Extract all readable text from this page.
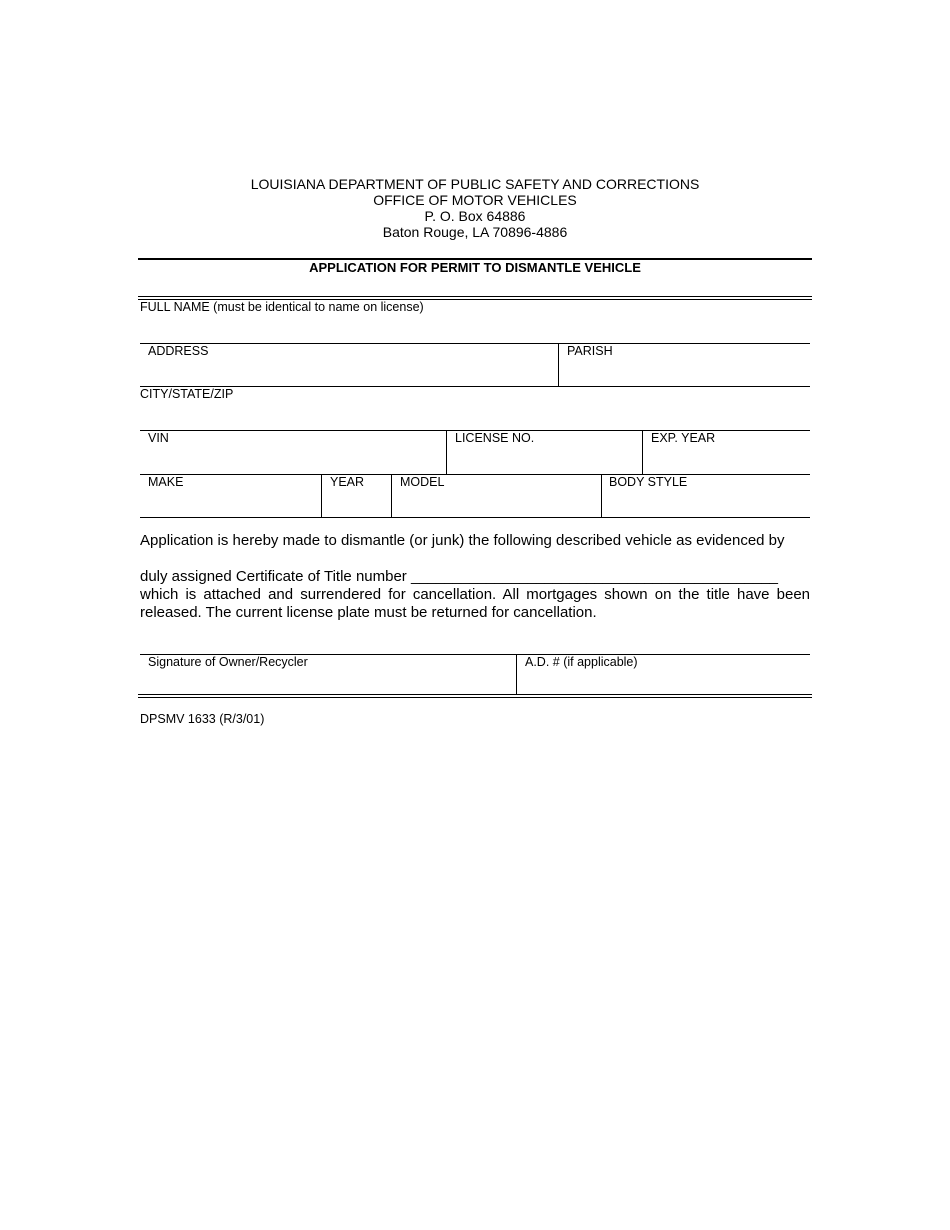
LOUISIANA DEPARTMENT OF PUBLIC SAFETY AND CORRECTIONS
OFFICE OF MOTOR VEHICLES
P. O. Box 64886
Baton Rouge, LA 70896-4886
APPLICATION FOR PERMIT TO DISMANTLE VEHICLE
FULL NAME (must be identical to name on license)
ADDRESS	PARISH
CITY/STATE/ZIP
VIN	LICENSE NO.	EXP. YEAR
MAKE	YEAR	MODEL	BODY STYLE
Application is hereby made to dismantle (or junk) the following described vehicle as evidenced by
duly assigned Certificate of Title number ____________________________________________
which is attached and surrendered for cancellation. All mortgages shown on the title have been
released. The current license plate must be returned for cancellation.
Signature of Owner/Recycler	A.D. # (if applicable)
DPSMV 1633 (R/3/01)
